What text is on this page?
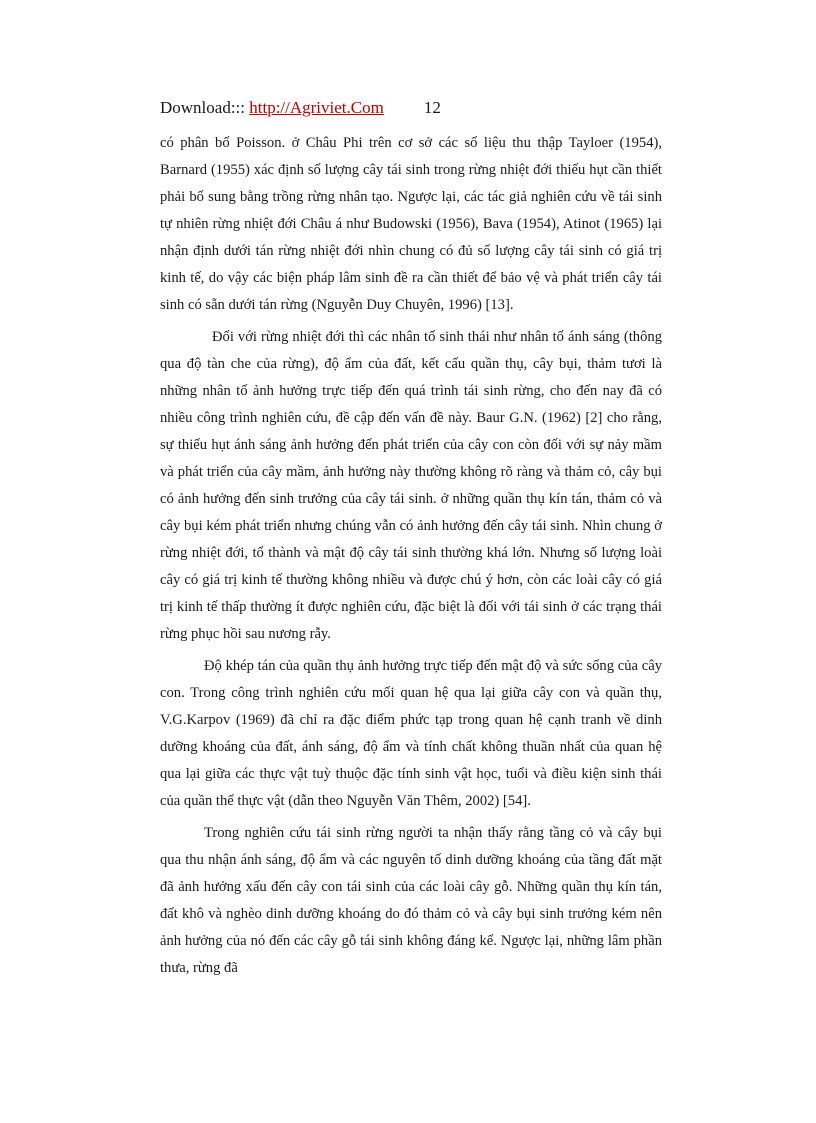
Download::: http://Agriviet.Com 12

có phân bố Poisson. ở Châu Phi trên cơ sở các số liệu thu thập Tayloer (1954), Barnard (1955) xác định số lượng cây tái sinh trong rừng nhiệt đới thiếu hụt cần thiết phải bổ sung bằng trồng rừng nhân tạo. Ngược lại, các tác giả nghiên cứu về tái sinh tự nhiên rừng nhiệt đới Châu á như Budowski (1956), Bava (1954), Atinot (1965) lại nhận định dưới tán rừng nhiệt đới nhìn chung có đủ số lượng cây tái sinh có giá trị kinh tế, do vậy các biện pháp lâm sinh đề ra cần thiết để bảo vệ và phát triển cây tái sinh có sẵn dưới tán rừng (Nguyễn Duy Chuyên, 1996) [13].

Đối với rừng nhiệt đới thì các nhân tố sinh thái như nhân tố ánh sáng (thông qua độ tàn che của rừng), độ ẩm của đất, kết cấu quần thụ, cây bụi, thảm tươi là những nhân tố ảnh hưởng trực tiếp đến quá trình tái sinh rừng, cho đến nay đã có nhiều công trình nghiên cứu, đề cập đến vấn đề này. Baur G.N. (1962) [2] cho rằng, sự thiếu hụt ánh sáng ảnh hưởng đến phát triển của cây con còn đối với sự nảy mầm và phát triển của cây mầm, ảnh hưởng này thường không rõ ràng và thảm cỏ, cây bụi có ảnh hưởng đến sinh trưởng của cây tái sinh. ở những quần thụ kín tán, thảm cỏ và cây bụi kém phát triển nhưng chúng vẫn có ảnh hưởng đến cây tái sinh. Nhìn chung ở rừng nhiệt đới, tổ thành và mật độ cây tái sinh thường khá lớn. Nhưng số lượng loài cây có giá trị kinh tế thường không nhiều và được chú ý hơn, còn các loài cây có giá trị kinh tế thấp thường ít được nghiên cứu, đặc biệt là đối với tái sinh ở các trạng thái rừng phục hồi sau nương rẫy.

Độ khép tán của quần thụ ảnh hưởng trực tiếp đến mật độ và sức sống của cây con. Trong công trình nghiên cứu mối quan hệ qua lại giữa cây con và quần thụ, V.G.Karpov (1969) đã chỉ ra đặc điểm phức tạp trong quan hệ cạnh tranh về dinh dưỡng khoáng của đất, ánh sáng, độ ẩm và tính chất không thuần nhất của quan hệ qua lại giữa các thực vật tuỳ thuộc đặc tính sinh vật học, tuổi và điều kiện sinh thái của quần thể thực vật (dẫn theo Nguyễn Văn Thêm, 2002) [54].

Trong nghiên cứu tái sinh rừng người ta nhận thấy rằng tầng cỏ và cây bụi qua thu nhận ánh sáng, độ ẩm và các nguyên tố dinh dưỡng khoáng của tầng đất mặt đã ảnh hưởng xấu đến cây con tái sinh của các loài cây gỗ. Những quần thụ kín tán, đất khô và nghèo dinh dưỡng khoáng do đó thảm cỏ và cây bụi sinh trưởng kém nên ảnh hưởng của nó đến các cây gỗ tái sinh không đáng kể. Ngược lại, những lâm phần thưa, rừng đã
